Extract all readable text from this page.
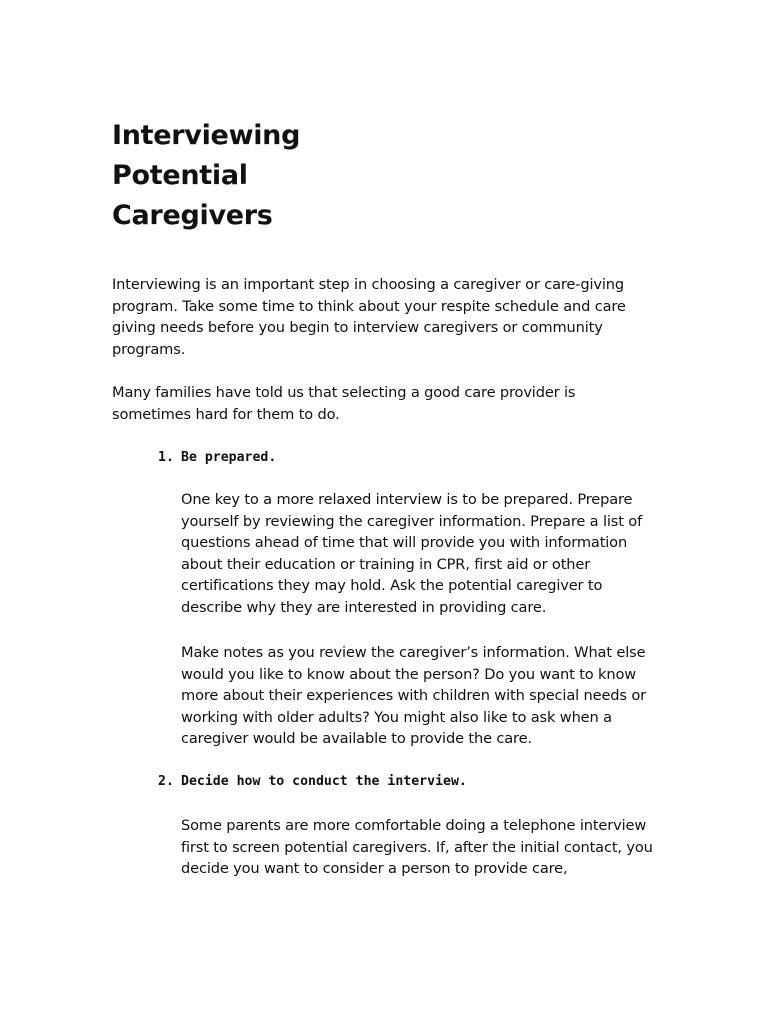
Interviewing
Potential
Caregivers

Interviewing is an important step in choosing a caregiver or care-giving program. Take some time to think about your respite schedule and care giving needs before you begin to interview caregivers or community programs.

Many families have told us that selecting a good care provider is sometimes hard for them to do.

1. Be prepared.

One key to a more relaxed interview is to be prepared. Prepare yourself by reviewing the caregiver information. Prepare a list of questions ahead of time that will provide you with information about their education or training in CPR, first aid or other certifications they may hold. Ask the potential caregiver to describe why they are interested in providing care.

Make notes as you review the caregiver’s information. What else would you like to know about the person? Do you want to know more about their experiences with children with special needs or working with older adults? You might also like to ask when a caregiver would be available to provide the care.

2. Decide how to conduct the interview.

Some parents are more comfortable doing a telephone interview first to screen potential caregivers. If, after the initial contact, you decide you want to consider a person to provide care,
